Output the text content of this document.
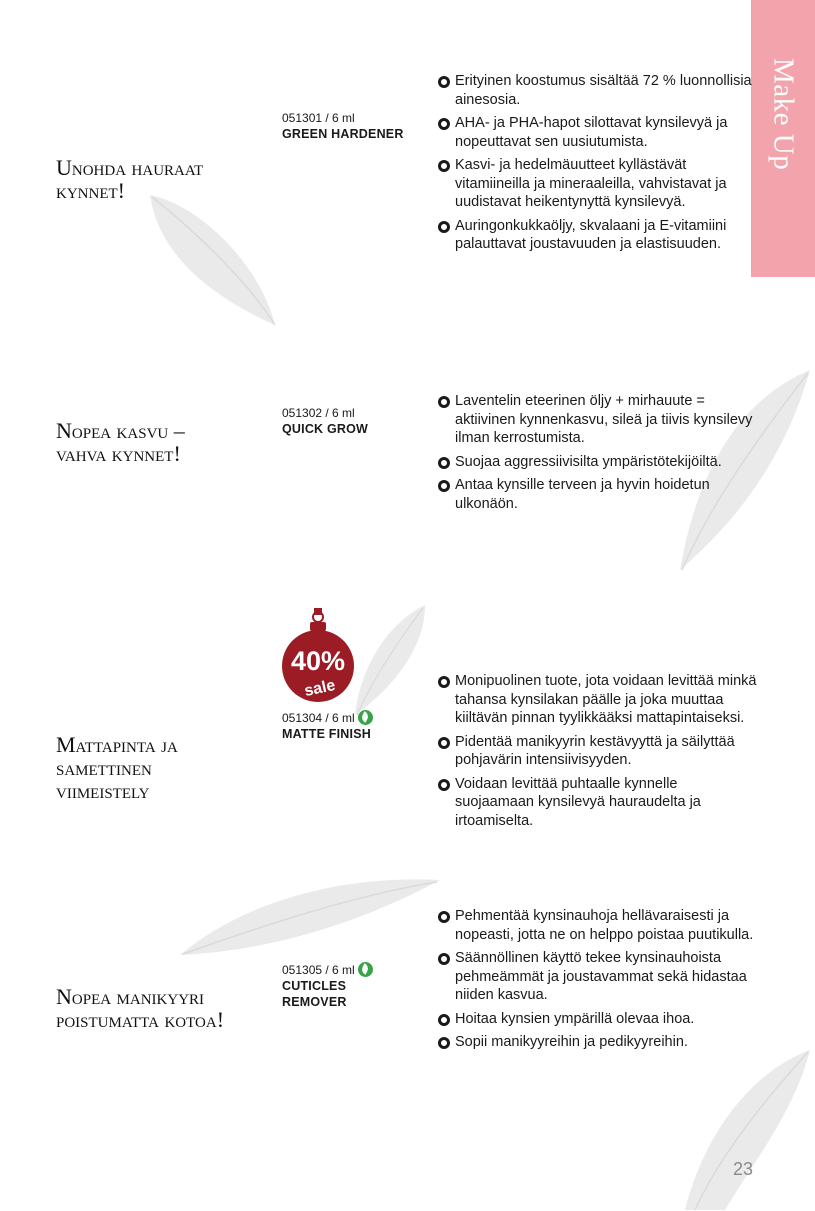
Make Up
Unohda hauraat kynnet!
051301 / 6 ml
GREEN HARDENER
Erityinen koostumus sisältää 72 % luonnollisia ainesosia.
AHA- ja PHA-hapot silottavat kynsilevyä ja nopeuttavat sen uusiutumista.
Kasvi- ja hedelmäuutteet kyllästävät vitamiineilla ja mineraaleilla, vahvistavat ja uudistavat heikentynyttä kynsilevyä.
Auringonkukkaöljy, skvalaani ja E-vitamiini palauttavat joustavuuden ja elastisuuden.
Nopea kasvu – vahva kynnet!
051302 / 6 ml
QUICK GROW
Laventelin eteerinen öljy + mirhauute = aktiivinen kynnenkasvu, sileä ja tiivis kynsilevy ilman kerrostumista.
Suojaa aggressiivisilta ympäristötekijöiltä.
Antaa kynsille terveen ja hyvin hoidetun ulkonäön.
40%
sale
Mattapinta ja samettinen viimeistely
051304 / 6 ml
MATTE FINISH
Monipuolinen tuote, jota voidaan levittää minkä tahansa kynsilakan päälle ja joka muuttaa kiiltävän pinnan tyylikkääksi mattapintaiseksi.
Pidentää manikyyrin kestävyyttä ja säilyttää pohjavärin intensiivisyyden.
Voidaan levittää puhtaalle kynnelle suojaamaan kynsilevyä hauraudelta ja irtoamiselta.
Nopea manikyyri poistumatta kotoa!
051305 / 6 ml
CUTICLES REMOVER
Pehmentää kynsinauhoja hellävaraisesti ja nopeasti, jotta ne on helppo poistaa puutikulla.
Säännöllinen käyttö tekee kynsinauhoista pehmeämmät ja joustavammat sekä hidastaa niiden kasvua.
Hoitaa kynsien ympärillä olevaa ihoa.
Sopii manikyyreihin ja pedikyyreihin.
23
